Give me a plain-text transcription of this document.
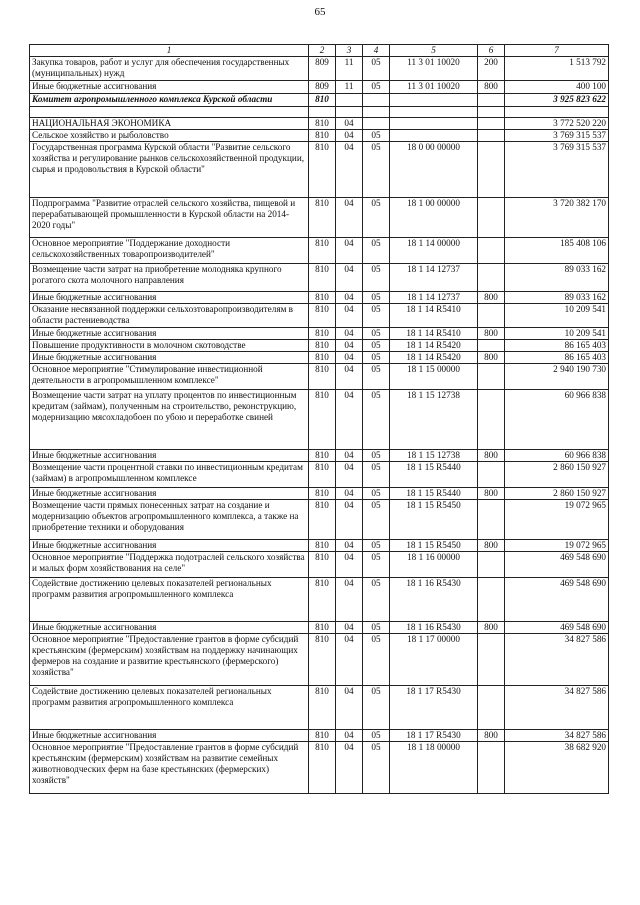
65
1	2	3	4	5	6	7
Закупка товаров, работ и услуг для обеспечения государственных (муниципальных) нужд	809	11	05	11 3 01 10020	200	1 513 792
Иные бюджетные ассигнования	809	11	05	11 3 01 10020	800	400 100
Комитет агропромышленного комплекса Курской области	810					3 925 823 622

НАЦИОНАЛЬНАЯ ЭКОНОМИКА	810	04				3 772 520 220
Сельское хозяйство и рыболовство	810	04	05			3 769 315 537
Государственная программа Курской области "Развитие сельского хозяйства и регулирование рынков сельскохозяйственной продукции, сырья и продовольствия в Курской области"	810	04	05	18 0 00 00000		3 769 315 537
Подпрограмма "Развитие отраслей сельского хозяйства, пищевой и перерабатывающей промышленности в Курской области на 2014-2020 годы"	810	04	05	18 1 00 00000		3 720 382 170
Основное мероприятие "Поддержание доходности сельскохозяйственных товаропроизводителей"	810	04	05	18 1 14 00000		185 408 106
Возмещение части затрат на приобретение молодняка крупного рогатого скота молочного направления	810	04	05	18 1 14 12737		89 033 162
Иные бюджетные ассигнования	810	04	05	18 1 14 12737	800	89 033 162
Оказание несвязанной поддержки сельхозтоваропроизводителям в области растениеводства	810	04	05	18 1 14 R5410		10 209 541
Иные бюджетные ассигнования	810	04	05	18 1 14 R5410	800	10 209 541
Повышение продуктивности в молочном скотоводстве	810	04	05	18 1 14 R5420		86 165 403
Иные бюджетные ассигнования	810	04	05	18 1 14 R5420	800	86 165 403
Основное мероприятие "Стимулирование инвестиционной деятельности в агропромышленном комплексе"	810	04	05	18 1 15 00000		2 940 190 730
Возмещение части затрат на уплату процентов по инвестиционным кредитам (займам), полученным на строительство, реконструкцию, модернизацию мясохладобоен по убою и переработке свиней	810	04	05	18 1 15 12738		60 966 838
Иные бюджетные ассигнования	810	04	05	18 1 15 12738	800	60 966 838
Возмещение части процентной ставки по инвестиционным кредитам (займам) в агропромышленном комплексе	810	04	05	18 1 15 R5440		2 860 150 927
Иные бюджетные ассигнования	810	04	05	18 1 15 R5440	800	2 860 150 927
Возмещение части прямых понесенных затрат на создание и модернизацию объектов агропромышленного комплекса, а также на приобретение техники и оборудования	810	04	05	18 1 15 R5450		19 072 965
Иные бюджетные ассигнования	810	04	05	18 1 15 R5450	800	19 072 965
Основное мероприятие "Поддержка подотраслей сельского хозяйства и малых форм хозяйствования на селе"	810	04	05	18 1 16 00000		469 548 690
Содействие достижению целевых показателей региональных программ развития агропромышленного комплекса	810	04	05	18 1 16 R5430		469 548 690
Иные бюджетные ассигнования	810	04	05	18 1 16 R5430	800	469 548 690
Основное мероприятие "Предоставление грантов в форме субсидий крестьянским (фермерским) хозяйствам на поддержку начинающих фермеров на создание и развитие крестьянского (фермерского) хозяйства"	810	04	05	18 1 17 00000		34 827 586
Содействие достижению целевых показателей региональных программ развития агропромышленного комплекса	810	04	05	18 1 17 R5430		34 827 586
Иные бюджетные ассигнования	810	04	05	18 1 17 R5430	800	34 827 586
Основное мероприятие "Предоставление грантов в форме субсидий крестьянским (фермерским) хозяйствам на развитие семейных животноводческих ферм на базе крестьянских (фермерских) хозяйств"	810	04	05	18 1 18 00000		38 682 920
